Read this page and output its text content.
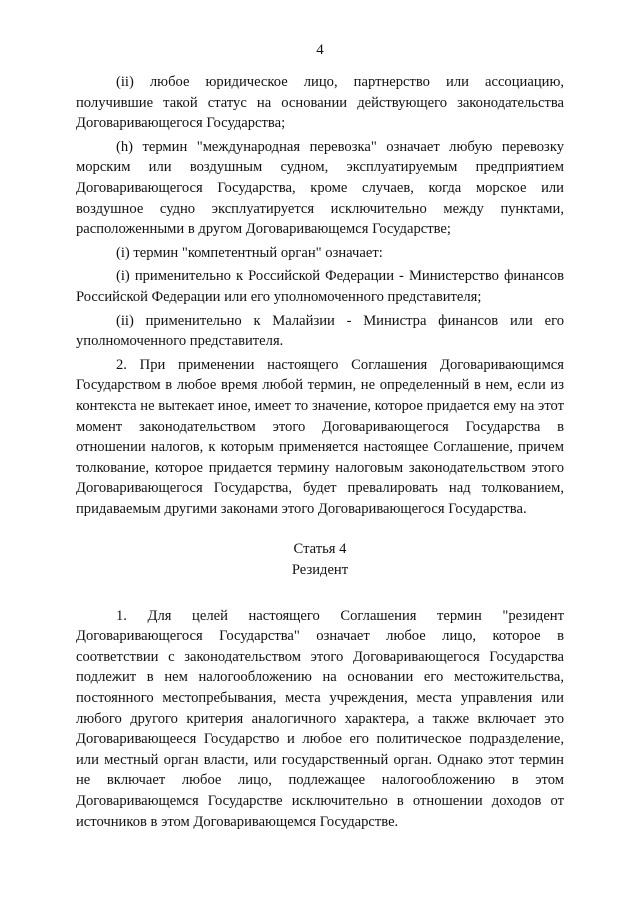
4

(ii) любое юридическое лицо, партнерство или ассоциацию, получившие такой статус на основании действующего законодательства Договаривающегося Государства;

(h) термин "международная перевозка" означает любую перевозку морским или воздушным судном, эксплуатируемым предприятием Договаривающегося Государства, кроме случаев, когда морское или воздушное судно эксплуатируется исключительно между пунктами, расположенными в другом Договаривающемся Государстве;

(i) термин "компетентный орган" означает:

(i) применительно к Российской Федерации - Министерство финансов Российской Федерации или его уполномоченного представителя;

(ii) применительно к Малайзии - Министра финансов или его уполномоченного представителя.

2. При применении настоящего Соглашения Договаривающимся Государством в любое время любой термин, не определенный в нем, если из контекста не вытекает иное, имеет то значение, которое придается ему на этот момент законодательством этого Договаривающегося Государства в отношении налогов, к которым применяется настоящее Соглашение, причем толкование, которое придается термину налоговым законодательством этого Договаривающегося Государства, будет превалировать над толкованием, придаваемым другими законами этого Договаривающегося Государства.

Статья 4

Резидент

1. Для целей настоящего Соглашения термин "резидент Договаривающегося Государства" означает любое лицо, которое в соответствии с законодательством этого Договаривающегося Государства подлежит в нем налогообложению на основании его местожительства, постоянного местопребывания, места учреждения, места управления или любого другого критерия аналогичного характера, а также включает это Договаривающееся Государство и любое его политическое подразделение, или местный орган власти, или государственный орган. Однако этот термин не включает любое лицо, подлежащее налогообложению в этом Договаривающемся Государстве исключительно в отношении доходов от источников в этом Договаривающемся Государстве.
